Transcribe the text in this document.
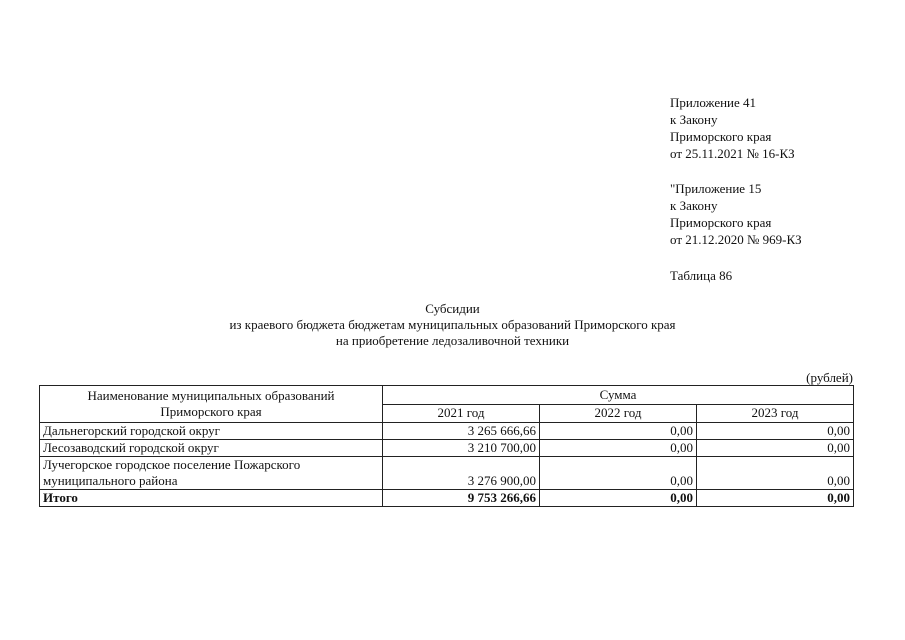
Приложение 41
к Закону
Приморского края
от 25.11.2021 № 16-КЗ
"Приложение 15
к Закону
Приморского края
от 21.12.2020 № 969-КЗ
Таблица 86
Субсидии
из краевого бюджета бюджетам муниципальных образований Приморского края
на приобретение ледозаливочной техники
(рублей)
Наименование муниципальных образований Приморского края	Сумма		
	2021 год	2022 год	2023 год
Дальнегорский городской округ	3 265 666,66	0,00	0,00
Лесозаводский городской округ	3 210 700,00	0,00	0,00
Лучегорское городское поселение Пожарского муниципального района	3 276 900,00	0,00	0,00
Итого	9 753 266,66	0,00	0,00
